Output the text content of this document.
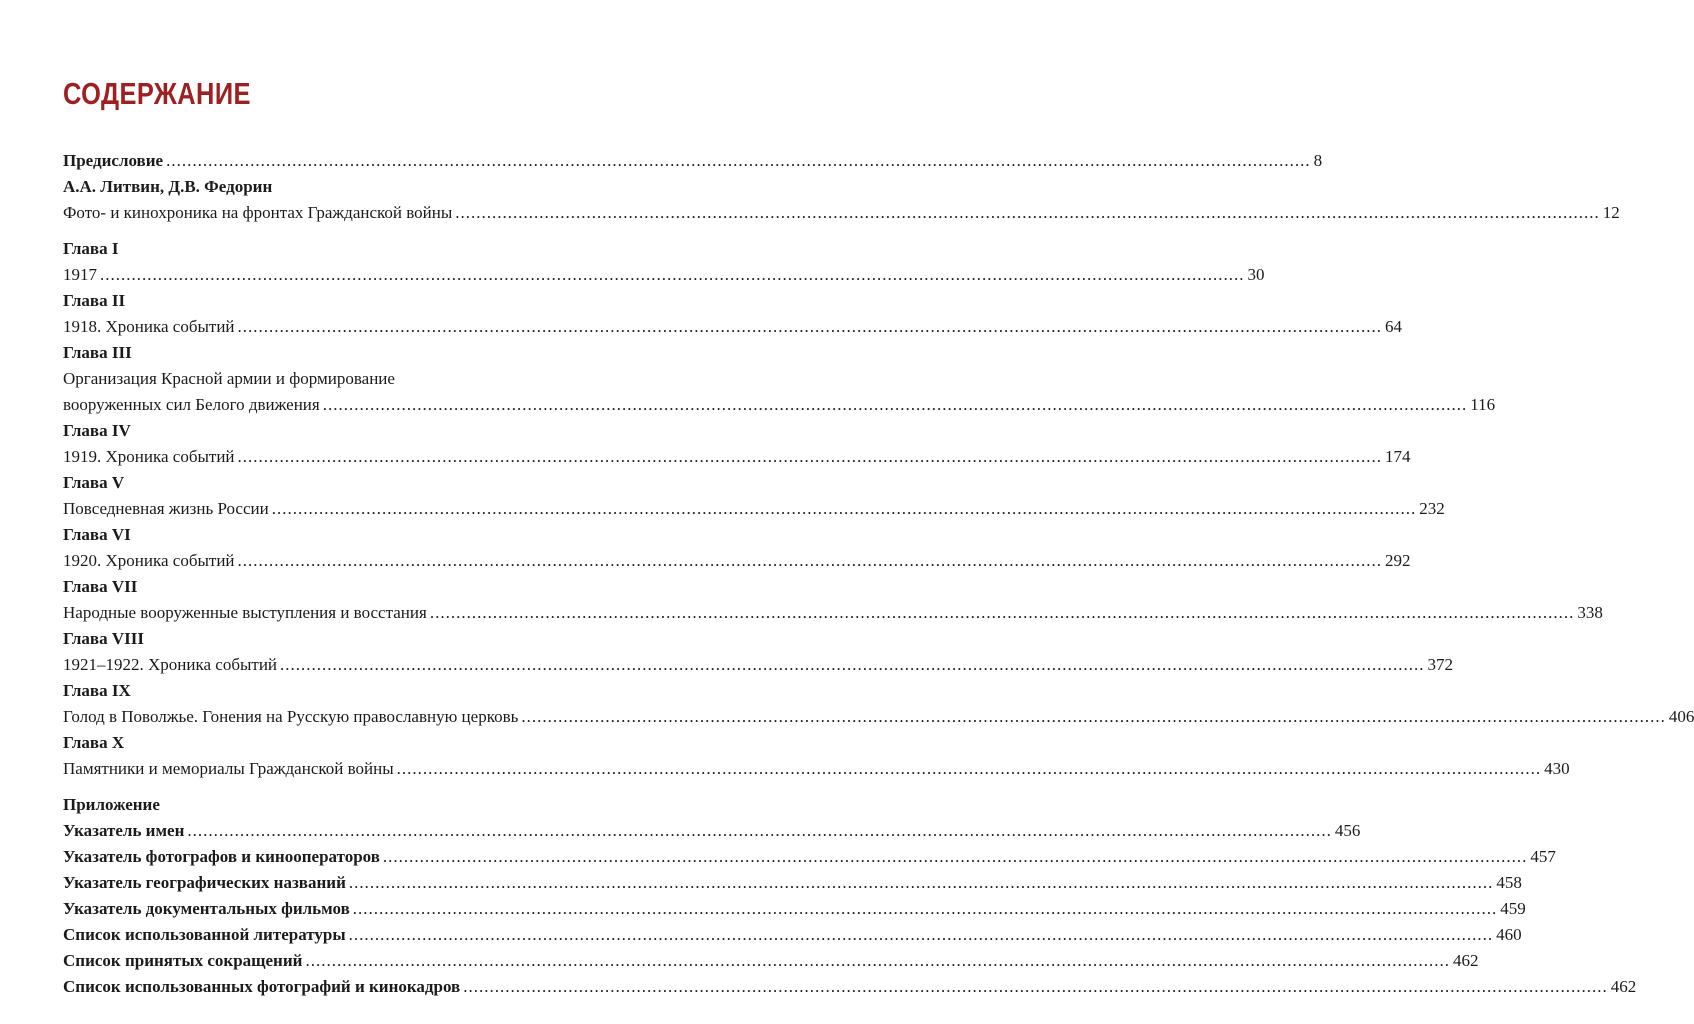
СОДЕРЖАНИЕ
Предисловие .......................................................................................................................................................................................................................... 8
А.А. Литвин, Д.В. Федорин
Фото- и кинохроника на фронтах Гражданской войны .......................................................................................................................................................................................................................... 12
Глава I
1917 .......................................................................................................................................................................................................................... 30
Глава II
1918. Хроника событий .......................................................................................................................................................................................................................... 64
Глава III
Организация Красной армии и формирование
вооруженных сил Белого движения .......................................................................................................................................................................................................................... 116
Глава IV
1919. Хроника событий .......................................................................................................................................................................................................................... 174
Глава V
Повседневная жизнь России .......................................................................................................................................................................................................................... 232
Глава VI
1920. Хроника событий .......................................................................................................................................................................................................................... 292
Глава VII
Народные вооруженные выступления и восстания .......................................................................................................................................................................................................................... 338
Глава VIII
1921–1922. Хроника событий .......................................................................................................................................................................................................................... 372
Глава IX
Голод в Поволжье. Гонения на Русскую православную церковь .......................................................................................................................................................................................................................... 406
Глава X
Памятники и мемориалы Гражданской войны .......................................................................................................................................................................................................................... 430
Приложение
Указатель имен .......................................................................................................................................................................................................................... 456
Указатель фотографов и кинооператоров .......................................................................................................................................................................................................................... 457
Указатель географических названий .......................................................................................................................................................................................................................... 458
Указатель документальных фильмов .......................................................................................................................................................................................................................... 459
Список использованной литературы .......................................................................................................................................................................................................................... 460
Список принятых сокращений .......................................................................................................................................................................................................................... 462
Список использованных фотографий и кинокадров .......................................................................................................................................................................................................................... 462
